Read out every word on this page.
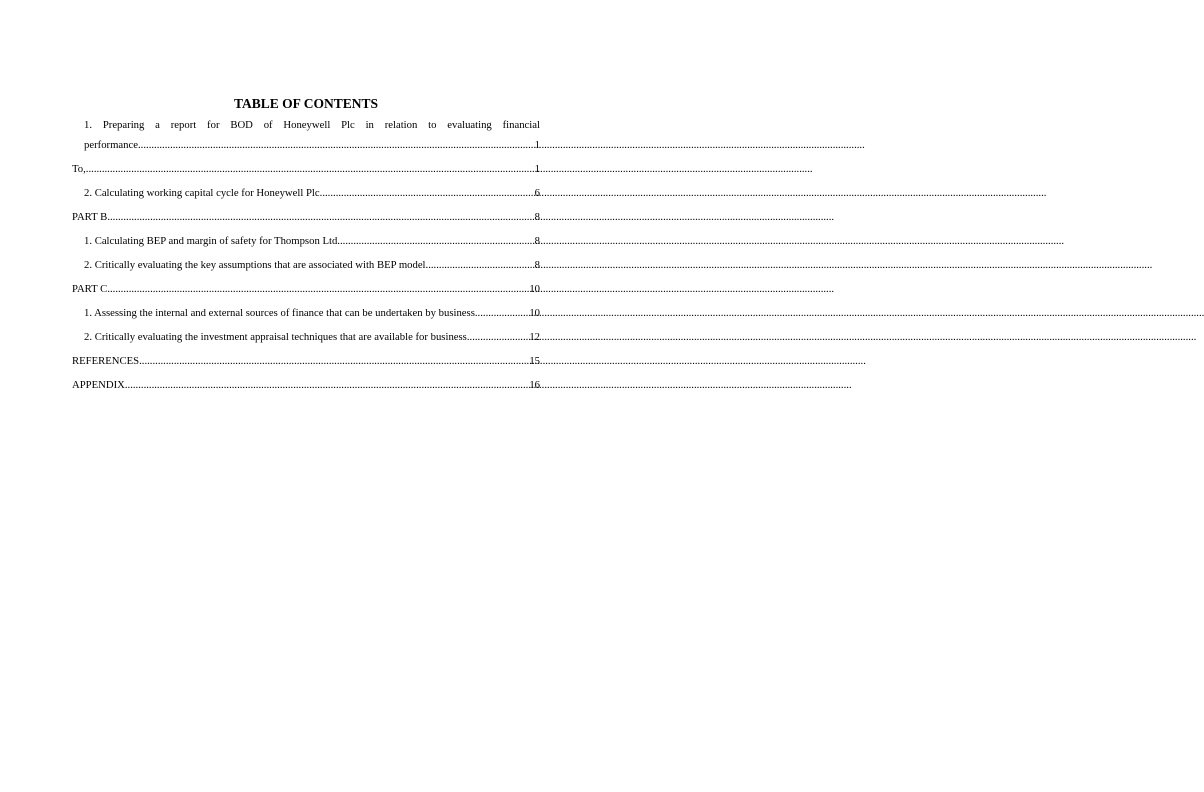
TABLE OF CONTENTS
1. Preparing a report for BOD of Honeywell Plc in relation to evaluating financial
performance .....	1
To, .....	1
2. Calculating working capital cycle for Honeywell Plc .....	6
PART B .....	8
1. Calculating BEP and margin of safety for Thompson Ltd .....	8
2. Critically evaluating the key assumptions that are associated with BEP model .....	8
PART C .....	10
1. Assessing the internal and external sources of finance that can be undertaken by business. .....	10
2. Critically evaluating the investment appraisal techniques that are available for business. .....	12
REFERENCES .....	15
APPENDIX .....	16
